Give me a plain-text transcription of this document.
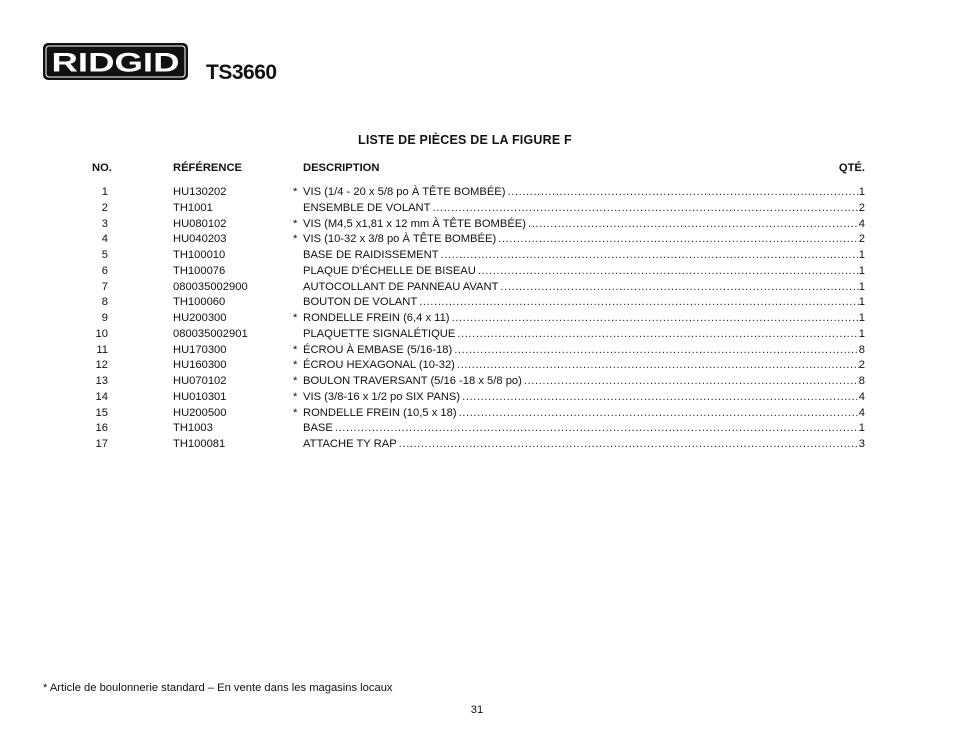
RIDGID TS3660
LISTE DE PIÈCES DE LA FIGURE F
NO.	RÉFÉRENCE	DESCRIPTION	QTÉ.
1	HU130202	* VIS (1/4 - 20 x 5/8 po À TÊTE BOMBÉE) .....	1
2	TH1001	ENSEMBLE DE VOLANT .....	2
3	HU080102	* VIS (M4,5 x1,81 x 12 mm À TÊTE BOMBÉE) .....	4
4	HU040203	* VIS (10-32 x 3/8 po À TÊTE BOMBÉE) .....	2
5	TH100010	BASE DE RAIDISSEMENT .....	1
6	TH100076	PLAQUE D’ÉCHELLE DE BISEAU .....	1
7	080035002900	AUTOCOLLANT DE PANNEAU AVANT .....	1
8	TH100060	BOUTON DE VOLANT .....	1
9	HU200300	* RONDELLE FREIN (6,4 x 11) .....	1
10	080035002901	PLAQUETTE SIGNALÉTIQUE .....	1
11	HU170300	* ÉCROU À EMBASE (5/16-18) .....	8
12	HU160300	* ÉCROU HEXAGONAL (10-32) .....	2
13	HU070102	* BOULON TRAVERSANT (5/16 -18 x 5/8 po) .....	8
14	HU010301	* VIS (3/8-16 x 1/2 po SIX PANS) .....	4
15	HU200500	* RONDELLE FREIN (10,5 x 18) .....	4
16	TH1003	BASE .....	1
17	TH100081	ATTACHE TY RAP .....	3
* Article de boulonnerie standard – En vente dans les magasins locaux
31
